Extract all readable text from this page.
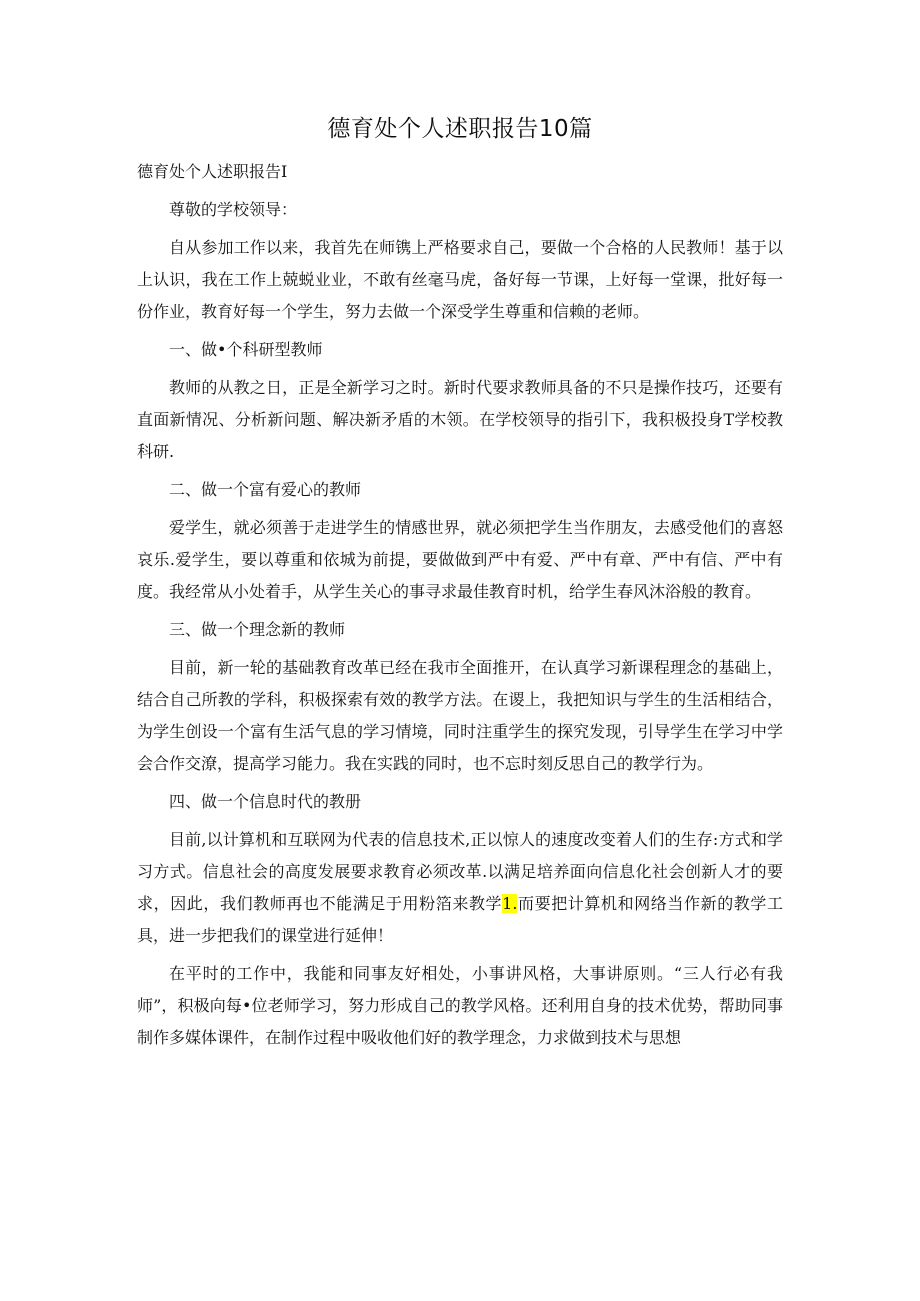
德育处个人述职报告10篇
德育处个人述职报告I

尊敬的学校领导：

自从参加工作以来，我首先在师镌上严格要求自己，要做一个合格的人民教师！基于以上认识，我在工作上兢蜕业业，不敢有丝毫马虎，备好每一节课，上好每一堂课，批好每一份作业，教育好每一个学生，努力去做一个深受学生尊重和信赖的老师。

一、做•个科研型教师

教师的从教之日，正是全新学习之时。新时代要求教师具备的不只是操作技巧，还要有直面新情况、分析新问题、解决新矛盾的木领。在学校领导的指引下，我积极投身T学校教科研.

二、做一个富有爱心的教师

爱学生，就必须善于走进学生的情感世界，就必须把学生当作朋友，去感受他们的喜怒哀乐.爱学生，要以尊重和依城为前提，要做做到严中有爱、严中有章、严中有信、严中有度。我经常从小处着手，从学生关心的事寻求最佳教育时机，给学生春风沐浴般的教育。

三、做一个理念新的教师

目前，新一轮的基础教育改革已经在我市全面推开，在认真学习新课程理念的基础上，结合自己所教的学科，积极探索有效的教学方法。在谡上，我把知识与学生的生活相结合，为学生创设一个富有生活气息的学习情境，同时注重学生的探究发现，引导学生在学习中学会合作交潦，提高学习能力。我在实践的同时，也不忘时刻反思自己的教学行为。

四、做一个信息时代的教册

目前,以计算机和互联网为代表的信息技术,正以惊人的速度改变着人们的生存:方式和学习方式。信息社会的高度发展要求教育必须改革.以满足培养面向信息化社会创新人才的要求，因此，我们教师再也不能满足于用粉箔来教学1.而要把计算机和网络当作新的教学工具，进一步把我们的课堂进行延伸！

在平时的工作中，我能和同事友好相处，小事讲风格，大事讲原则。“三人行必有我师”，积极向每•位老师学习，努力形成自己的教学风格。还利用自身的技术优势，帮助同事制作多媒体课件，在制作过程中吸收他们好的教学理念，力求做到技术与思想
